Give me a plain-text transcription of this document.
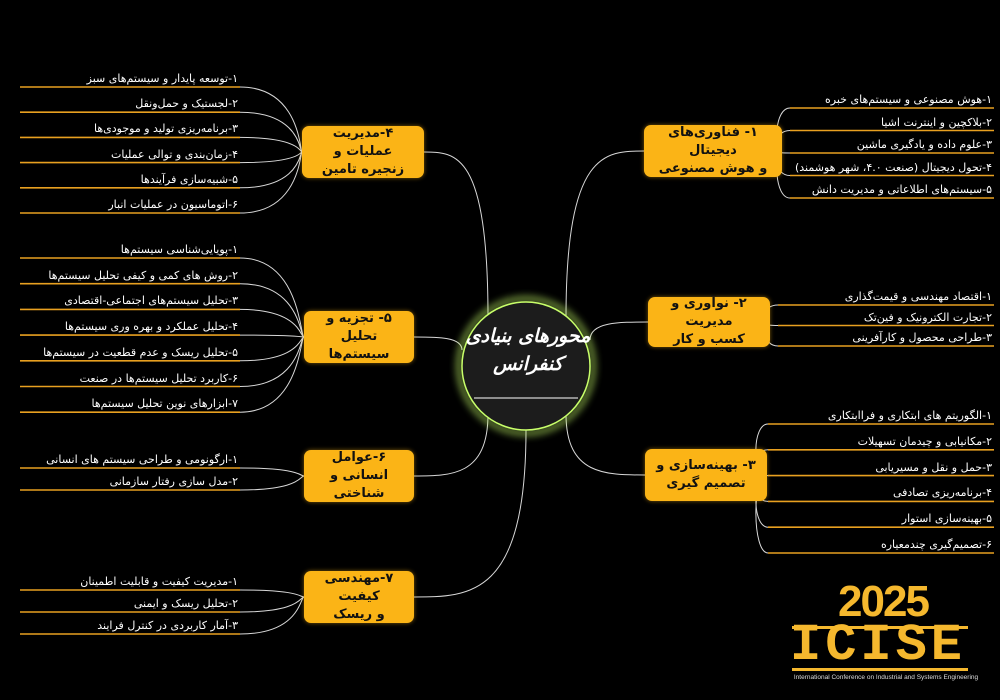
محورهای بنیادی
کنفرانس
۱- فناوری‌های دیجیتال
و هوش مصنوعی
۱-هوش مصنوعی و سیستم‌های خبره
۲-بلاکچین و اینترنت اشیا
۳-علوم داده و یادگیری ماشین
۴-تحول دیجیتال (صنعت ۴.۰، شهر هوشمند)
۵-سیستم‌های اطلاعاتی و مدیریت دانش
۲- نوآوری و مدیریت
کسب و کار
۱-اقتصاد مهندسی و قیمت‌گذاری
۲-تجارت الکترونیک و فین‌تک
۳-طراحی محصول و کارآفرینی
۳- بهینه‌سازی و
تصمیم گیری
۱-الگوریتم های ابتکاری و فراابتکاری
۲-مکانیابی و چیدمان تسهیلات
۳-حمل و نقل و مسیریابی
۴-برنامه‌ریزی تصادفی
۵-بهینه‌سازی استوار
۶-تصمیم‌گیری چندمعیاره
۴-مدیریت عملیات و
زنجیره تامین
۱-توسعه پایدار و سیستم‌های سبز
۲-لجستیک و حمل‌ونقل
۳-برنامه‌ریزی تولید و موجودی‌ها
۴-زمان‌بندی و توالی عملیات
۵-شبیه‌سازی فرآیندها
۶-اتوماسیون در عملیات انبار
۵- تجزیه و تحلیل
سیستم‌ها
۱-پویایی‌شناسی سیستم‌ها
۲-روش های کمی و کیفی تحلیل سیستم‌ها
۳-تحلیل سیستم‌های اجتماعی-اقتصادی
۴-تحلیل عملکرد و بهره وری سیستم‌ها
۵-تحلیل ریسک و عدم قطعیت در سیستم‌ها
۶-کاربرد تحلیل سیستم‌ها در صنعت
۷-ابزارهای نوین تحلیل سیستم‌ها
۶-عوامل انسانی و
شناختی
۱-ارگونومی و طراحی سیستم های انسانی
۲-مدل سازی رفتار سازمانی
۷-مهندسی کیفیت
و ریسک
۱-مدیریت کیفیت و قابلیت اطمینان
۲-تحلیل ریسک و ایمنی
۳-آمار کاربردی در کنترل فرایند	2025
ICISE
International Conference on Industrial and Systems Engineering
